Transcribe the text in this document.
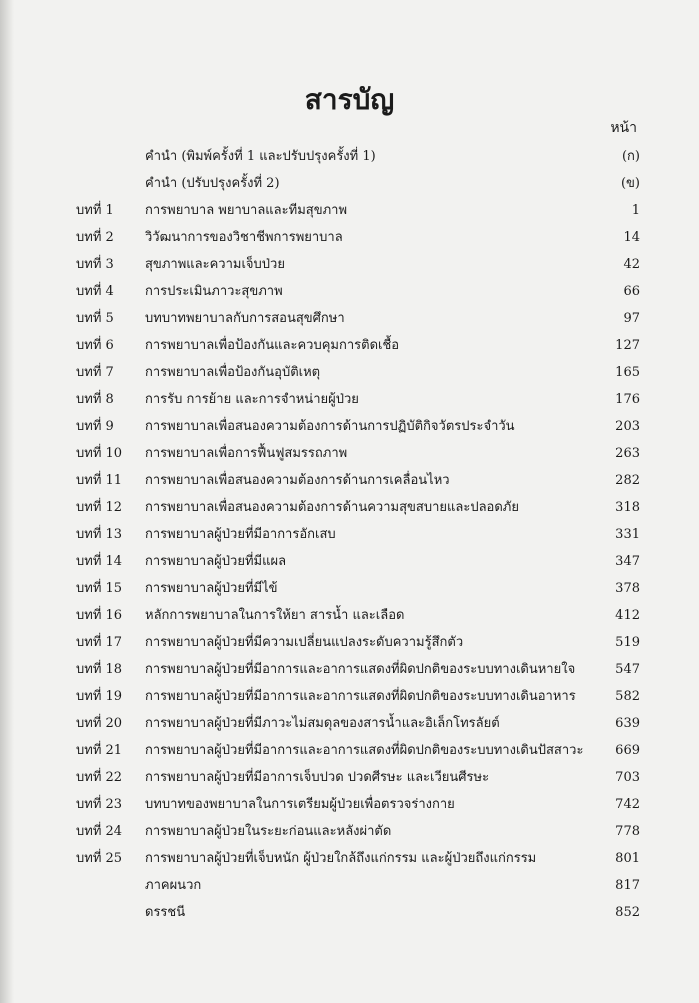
สารบัญ
หน้า
คำนำ (พิมพ์ครั้งที่ 1 และปรับปรุงครั้งที่ 1)	(ก)
คำนำ (ปรับปรุงครั้งที่ 2)	(ข)
บทที่ 1	การพยาบาล พยาบาลและทีมสุขภาพ	1
บทที่ 2	วิวัฒนาการของวิชาชีพการพยาบาล	14
บทที่ 3	สุขภาพและความเจ็บป่วย	42
บทที่ 4	การประเมินภาวะสุขภาพ	66
บทที่ 5	บทบาทพยาบาลกับการสอนสุขศึกษา	97
บทที่ 6	การพยาบาลเพื่อป้องกันและควบคุมการติดเชื้อ	127
บทที่ 7	การพยาบาลเพื่อป้องกันอุบัติเหตุ	165
บทที่ 8	การรับ การย้าย และการจำหน่ายผู้ป่วย	176
บทที่ 9	การพยาบาลเพื่อสนองความต้องการด้านการปฏิบัติกิจวัตรประจำวัน	203
บทที่ 10	การพยาบาลเพื่อการฟื้นฟูสมรรถภาพ	263
บทที่ 11	การพยาบาลเพื่อสนองความต้องการด้านการเคลื่อนไหว	282
บทที่ 12	การพยาบาลเพื่อสนองความต้องการด้านความสุขสบายและปลอดภัย	318
บทที่ 13	การพยาบาลผู้ป่วยที่มีอาการอักเสบ	331
บทที่ 14	การพยาบาลผู้ป่วยที่มีแผล	347
บทที่ 15	การพยาบาลผู้ป่วยที่มีไข้	378
บทที่ 16	หลักการพยาบาลในการให้ยา สารน้ำ และเลือด	412
บทที่ 17	การพยาบาลผู้ป่วยที่มีความเปลี่ยนแปลงระดับความรู้สึกตัว	519
บทที่ 18	การพยาบาลผู้ป่วยที่มีอาการและอาการแสดงที่ผิดปกติของระบบทางเดินหายใจ	547
บทที่ 19	การพยาบาลผู้ป่วยที่มีอาการและอาการแสดงที่ผิดปกติของระบบทางเดินอาหาร	582
บทที่ 20	การพยาบาลผู้ป่วยที่มีภาวะไม่สมดุลของสารน้ำและอิเล็กโทรลัยต์	639
บทที่ 21	การพยาบาลผู้ป่วยที่มีอาการและอาการแสดงที่ผิดปกติของระบบทางเดินปัสสาวะ	669
บทที่ 22	การพยาบาลผู้ป่วยที่มีอาการเจ็บปวด ปวดศีรษะ และเวียนศีรษะ	703
บทที่ 23	บทบาทของพยาบาลในการเตรียมผู้ป่วยเพื่อตรวจร่างกาย	742
บทที่ 24	การพยาบาลผู้ป่วยในระยะก่อนและหลังผ่าตัด	778
บทที่ 25	การพยาบาลผู้ป่วยที่เจ็บหนัก ผู้ป่วยใกล้ถึงแก่กรรม และผู้ป่วยถึงแก่กรรม	801
ภาคผนวก	817
ดรรชนี	852
